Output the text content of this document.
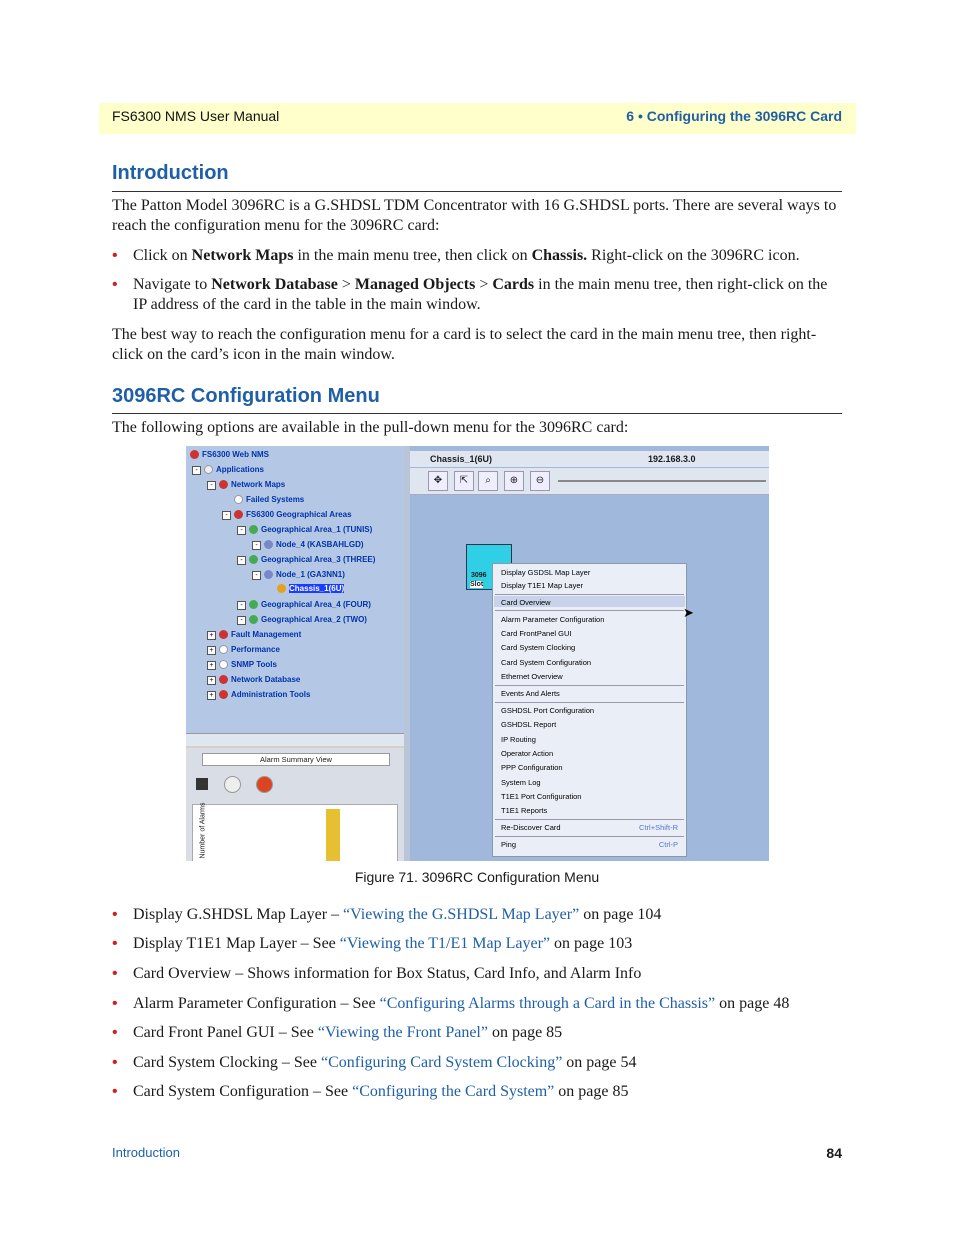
FS6300 NMS User Manual	6 • Configuring the 3096RC Card
Introduction
The Patton Model 3096RC is a G.SHDSL TDM Concentrator with 16 G.SHDSL ports. There are several ways to reach the configuration menu for the 3096RC card:
• Click on Network Maps in the main menu tree, then click on Chassis. Right-click on the 3096RC icon.
• Navigate to Network Database > Managed Objects > Cards in the main menu tree, then right-click on the IP address of the card in the table in the main window.
The best way to reach the configuration menu for a card is to select the card in the main menu tree, then right-click on the card’s icon in the main window.
3096RC Configuration Menu
The following options are available in the pull-down menu for the 3096RC card:
FS6300 Web NMS
-	Applications
-	Network Maps
Failed Systems
-	FS6300 Geographical Areas
-	Geographical Area_1 (TUNIS)
-	Node_4 (KASBAHLGD)
-	Geographical Area_3 (THREE)
-	Node_1 (GA3NN1)
Chassis_1(6U)
-	Geographical Area_4 (FOUR)
-	Geographical Area_2 (TWO)
+	Fault Management
+	Performance
+	SNMP Tools
+	Network Database
+	Administration Tools
Alarm Summary View
Number of Alarms
Chassis_1(6U)	192.168.3.0
✥	⇱	⌕	⊕	⊖
3096
Slot
Display GSDSL Map Layer
Display T1E1 Map Layer
Card Overview
Alarm Parameter Configuration
Card FrontPanel GUI
Card System Clocking
Card System Configuration
Ethernet Overview
Events And Alerts
GSHDSL Port Configuration
GSHDSL Report
IP Routing
Operator Action
PPP Configuration
System Log
T1E1 Port Configuration
T1E1 Reports
Re-Discover Card	Ctrl+Shift-R
Ping	Ctrl-P
➤
Figure 71. 3096RC Configuration Menu
• Display G.SHDSL Map Layer – “Viewing the G.SHDSL Map Layer” on page 104
• Display T1E1 Map Layer – See “Viewing the T1/E1 Map Layer” on page 103
• Card Overview – Shows information for Box Status, Card Info, and Alarm Info
• Alarm Parameter Configuration – See “Configuring Alarms through a Card in the Chassis” on page 48
• Card Front Panel GUI – See “Viewing the Front Panel” on page 85
• Card System Clocking – See “Configuring Card System Clocking” on page 54
• Card System Configuration – See “Configuring the Card System” on page 85
Introduction	84
